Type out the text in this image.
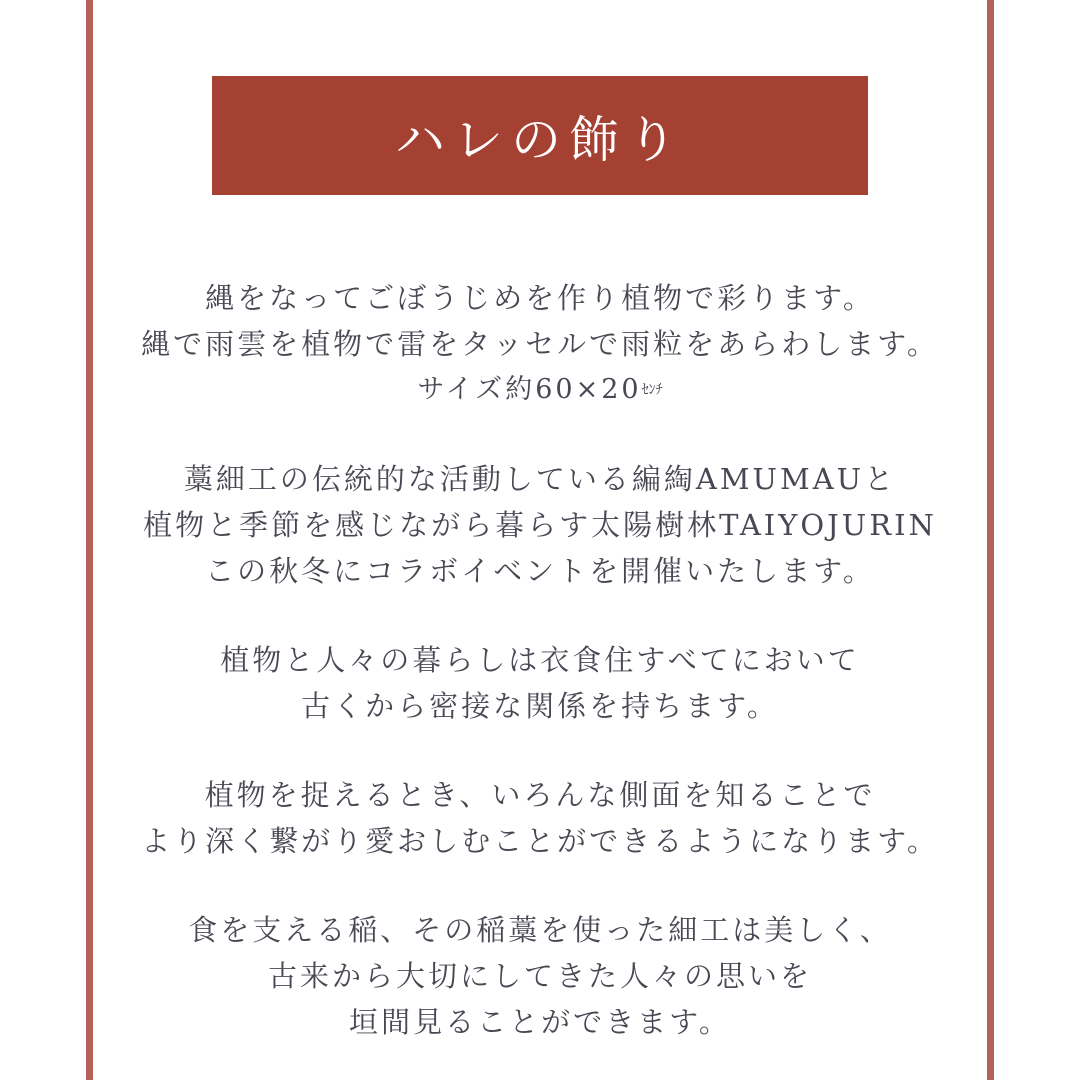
ハレの飾り
縄をなってごぼうじめを作り植物で彩ります。
縄で雨雲を植物で雷をタッセルで雨粒をあらわします。
サイズ約60×20ｾﾝﾁ
藁細工の伝統的な活動している編綯AMUMAUと
植物と季節を感じながら暮らす太陽樹林TAIYOJURIN
この秋冬にコラボイベントを開催いたします。
植物と人々の暮らしは衣食住すべてにおいて
古くから密接な関係を持ちます。
植物を捉えるとき、いろんな側面を知ることで
より深く繋がり愛おしむことができるようになります。
食を支える稲、その稲藁を使った細工は美しく、
古来から大切にしてきた人々の思いを
垣間見ることができます。
